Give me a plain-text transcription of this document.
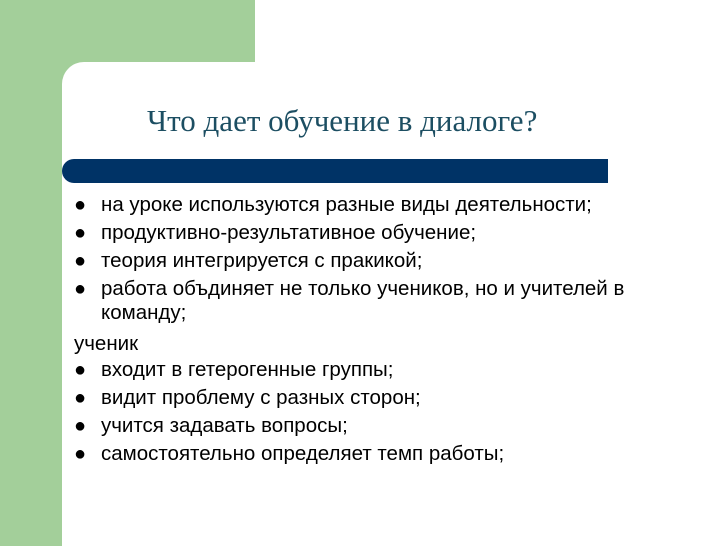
Что дает обучение в диалоге?
● на уроке используются разные виды деятельности;
● продуктивно-результативное обучение;
● теория интегрируется с пракикой;
● работа объдиняет не только учеников, но и учителей в команду;
ученик
● входит в гетерогенные группы;
● видит проблему с разных сторон;
● учится задавать вопросы;
● самостоятельно определяет темп работы;
